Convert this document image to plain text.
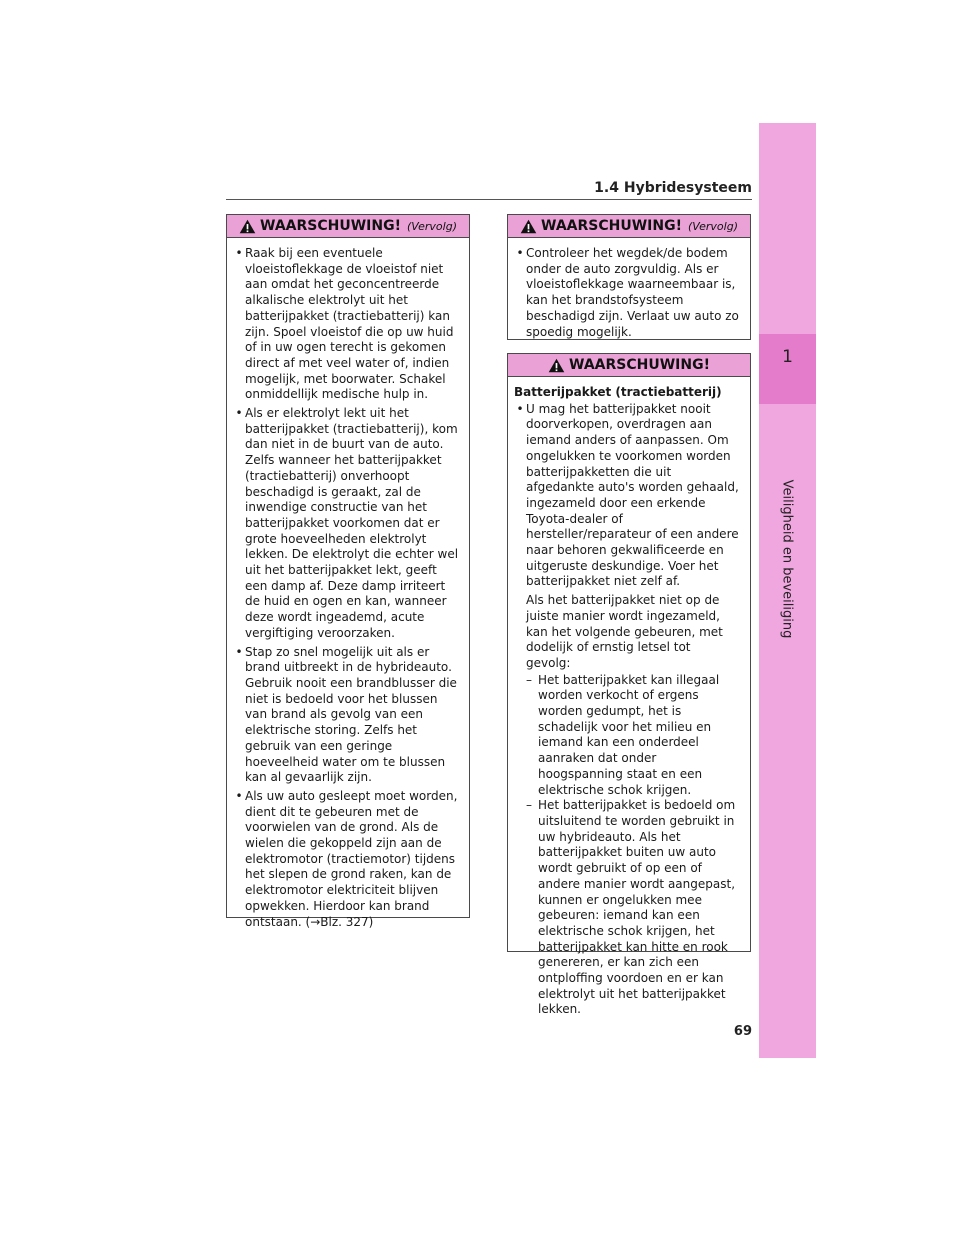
1
Veiligheid en beveiliging
1.4 Hybridesysteem
WAARSCHUWING! (Vervolg)
• Raak bij een eventuele vloeistoflekkage de vloeistof niet aan omdat het geconcentreerde alkalische elektrolyt uit het batterijpakket (tractiebatterij) kan zijn. Spoel vloeistof die op uw huid of in uw ogen terecht is gekomen direct af met veel water of, indien mogelijk, met boorwater. Schakel onmiddellijk medische hulp in.
• Als er elektrolyt lekt uit het batterijpakket (tractiebatterij), kom dan niet in de buurt van de auto. Zelfs wanneer het batterijpakket (tractiebatterij) onverhoopt beschadigd is geraakt, zal de inwendige constructie van het batterijpakket voorkomen dat er grote hoeveelheden elektrolyt lekken. De elektrolyt die echter wel uit het batterijpakket lekt, geeft een damp af. Deze damp irriteert de huid en ogen en kan, wanneer deze wordt ingeademd, acute vergiftiging veroorzaken.
• Stap zo snel mogelijk uit als er brand uitbreekt in de hybrideauto. Gebruik nooit een brandblusser die niet is bedoeld voor het blussen van brand als gevolg van een elektrische storing. Zelfs het gebruik van een geringe hoeveelheid water om te blussen kan al gevaarlijk zijn.
• Als uw auto gesleept moet worden, dient dit te gebeuren met de voorwielen van de grond. Als de wielen die gekoppeld zijn aan de elektromotor (tractiemotor) tijdens het slepen de grond raken, kan de elektromotor elektriciteit blijven opwekken. Hierdoor kan brand ontstaan. (→Blz. 327)
WAARSCHUWING! (Vervolg)
• Controleer het wegdek/de bodem onder de auto zorgvuldig. Als er vloeistoflekkage waarneembaar is, kan het brandstofsysteem beschadigd zijn. Verlaat uw auto zo spoedig mogelijk.
WAARSCHUWING!
Batterijpakket (tractiebatterij)
• U mag het batterijpakket nooit doorverkopen, overdragen aan iemand anders of aanpassen. Om ongelukken te voorkomen worden batterijpakketten die uit afgedankte auto's worden gehaald, ingezameld door een erkende Toyota-dealer of hersteller/reparateur of een andere naar behoren gekwalificeerde en uitgeruste deskundige. Voer het batterijpakket niet zelf af.
Als het batterijpakket niet op de juiste manier wordt ingezameld, kan het volgende gebeuren, met dodelijk of ernstig letsel tot gevolg:
– Het batterijpakket kan illegaal worden verkocht of ergens worden gedumpt, het is schadelijk voor het milieu en iemand kan een onderdeel aanraken dat onder hoogspanning staat en een elektrische schok krijgen.
– Het batterijpakket is bedoeld om uitsluitend te worden gebruikt in uw hybrideauto. Als het batterijpakket buiten uw auto wordt gebruikt of op een of andere manier wordt aangepast, kunnen er ongelukken mee gebeuren: iemand kan een elektrische schok krijgen, het batterijpakket kan hitte en rook genereren, er kan zich een ontploffing voordoen en er kan elektrolyt uit het batterijpakket lekken.
69
